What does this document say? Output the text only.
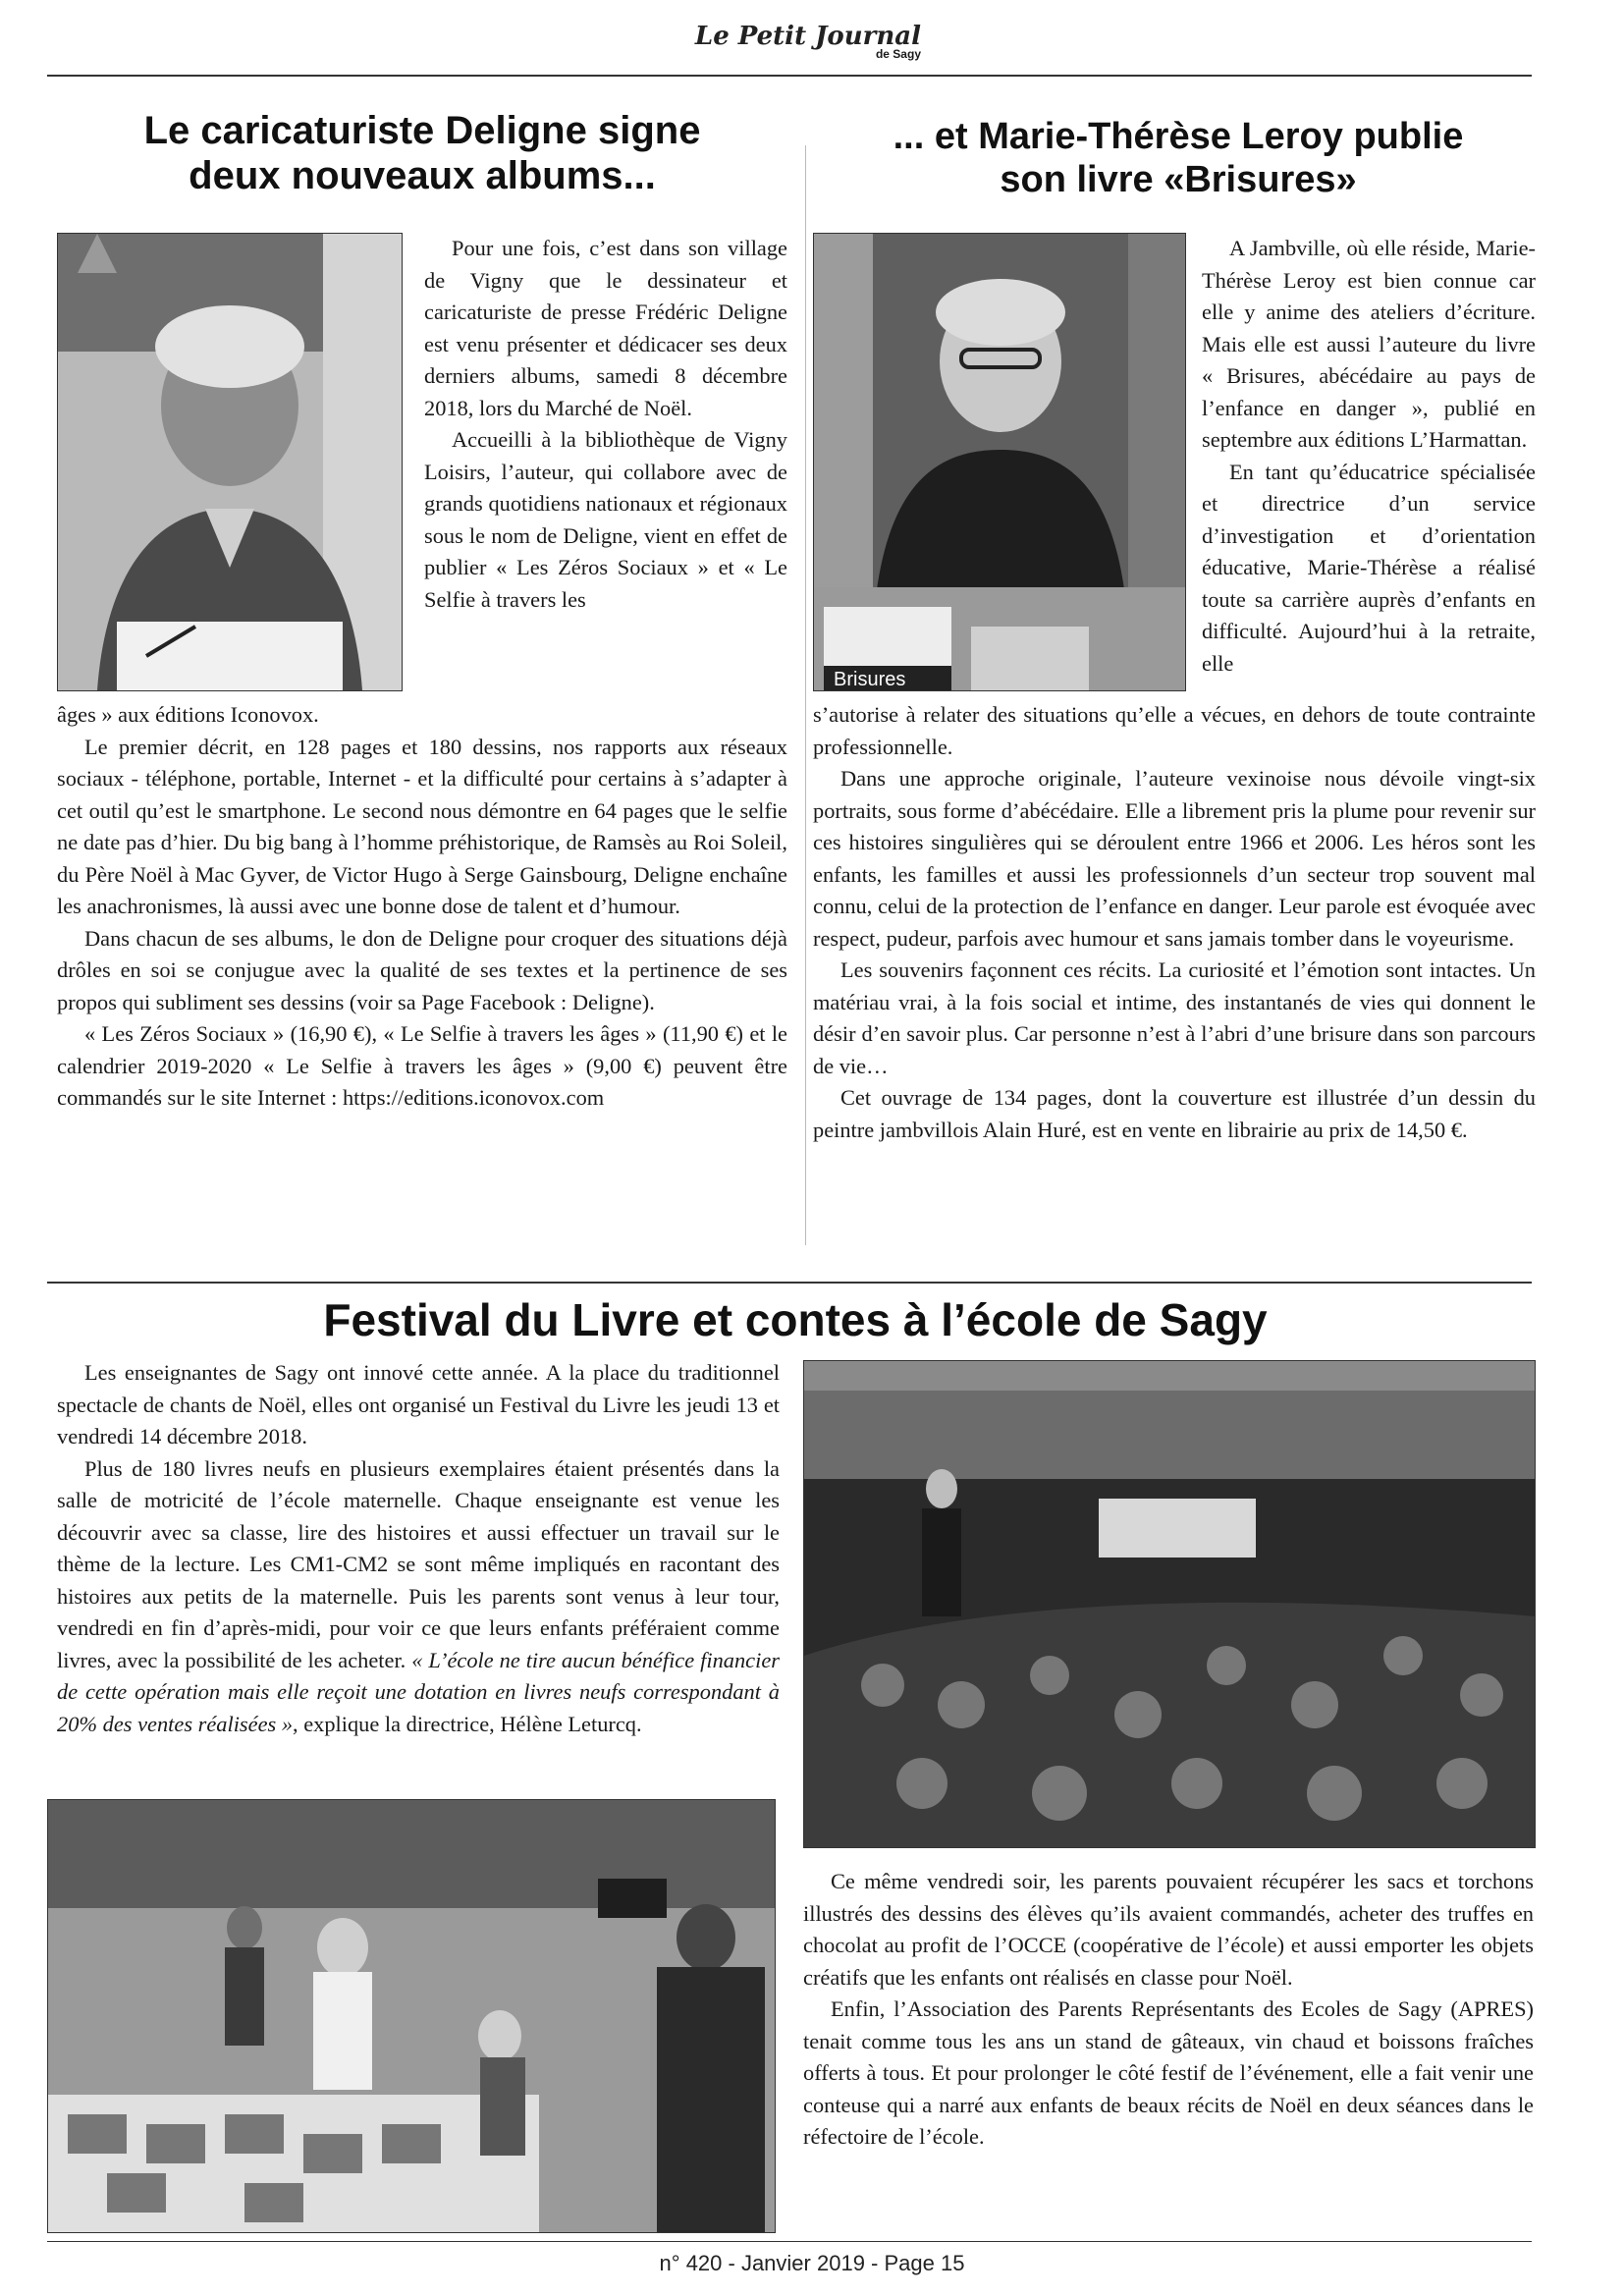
Le Petit Journal
de Sagy
Le caricaturiste Deligne signe
deux nouveaux albums...
... et Marie-Thérèse Leroy publie
son livre «Brisures»

Pour une fois, c’est dans son village de Vigny que le dessinateur et caricaturiste de presse Frédéric Deligne est venu présenter et dédicacer ses deux derniers albums, samedi 8 décembre 2018, lors du Marché de Noël.

Accueilli à la bibliothèque de Vigny Loisirs, l’auteur, qui collabore avec de grands quotidiens nationaux et régionaux sous le nom de Deligne, vient en effet de publier « Les Zéros Sociaux » et « Le Selfie à travers les

âges » aux éditions Iconovox.

Le premier décrit, en 128 pages et 180 dessins, nos rapports aux réseaux sociaux - téléphone, portable, Internet - et la difficulté pour certains à s’adapter à cet outil qu’est le smartphone. Le second nous démontre en 64 pages que le selfie ne date pas d’hier. Du big bang à l’homme préhistorique, de Ramsès au Roi Soleil, du Père Noël à Mac Gyver, de Victor Hugo à Serge Gainsbourg, Deligne enchaîne les anachronismes, là aussi avec une bonne dose de talent et d’humour.

Dans chacun de ses albums, le don de Deligne pour croquer des situations déjà drôles en soi se conjugue avec la qualité de ses textes et la pertinence de ses propos qui subliment ses dessins (voir sa Page Facebook : Deligne).

« Les Zéros Sociaux » (16,90 €), « Le Selfie à travers les âges » (11,90 €) et le calendrier 2019-2020 « Le Selfie à travers les âges » (9,00 €) peuvent être commandés sur le site Internet : https://editions.iconovox.com

Brisures

A Jambville, où elle réside, Marie-Thérèse Leroy est bien connue car elle y anime des ateliers d’écriture. Mais elle est aussi l’auteure du livre « Brisures, abécédaire au pays de l’enfance en danger », publié en septembre aux éditions L’Harmattan.

En tant qu’éducatrice spécialisée et directrice d’un service d’investigation et d’orientation éducative, Marie-Thérèse a réalisé toute sa carrière auprès d’enfants en difficulté. Aujourd’hui à la retraite, elle

s’autorise à relater des situations qu’elle a vécues, en dehors de toute contrainte professionnelle.

Dans une approche originale, l’auteure vexinoise nous dévoile vingt-six portraits, sous forme d’abécédaire. Elle a librement pris la plume pour revenir sur ces histoires singulières qui se déroulent entre 1966 et 2006. Les héros sont les enfants, les familles et aussi les professionnels d’un secteur trop souvent mal connu, celui de la protection de l’enfance en danger. Leur parole est évoquée avec respect, pudeur, parfois avec humour et sans jamais tomber dans le voyeurisme.

Les souvenirs façonnent ces récits. La curiosité et l’émotion sont intactes. Un matériau vrai, à la fois social et intime, des instantanés de vies qui donnent le désir d’en savoir plus. Car personne n’est à l’abri d’une brisure dans son parcours de vie…

Cet ouvrage de 134 pages, dont la couverture est illustrée d’un dessin du peintre jambvillois Alain Huré, est en vente en librairie au prix de 14,50 €.

Festival du Livre et contes à l’école de Sagy

Les enseignantes de Sagy ont innové cette année. A la place du traditionnel spectacle de chants de Noël, elles ont organisé un Festival du Livre les jeudi 13 et vendredi 14 décembre 2018.

Plus de 180 livres neufs en plusieurs exemplaires étaient présentés dans la salle de motricité de l’école maternelle. Chaque enseignante est venue les découvrir avec sa classe, lire des histoires et aussi effectuer un travail sur le thème de la lecture. Les CM1-CM2 se sont même impliqués en racontant des histoires aux petits de la maternelle. Puis les parents sont venus à leur tour, vendredi en fin d’après-midi, pour voir ce que leurs enfants préféraient comme livres, avec la possibilité de les acheter. « L’école ne tire aucun bénéfice financier de cette opération mais elle reçoit une dotation en livres neufs correspondant à 20% des ventes réalisées », explique la directrice, Hélène Leturcq.

Ce même vendredi soir, les parents pouvaient récupérer les sacs et torchons illustrés des dessins des élèves qu’ils avaient commandés, acheter des truffes en chocolat au profit de l’OCCE (coopérative de l’école) et aussi emporter les objets créatifs que les enfants ont réalisés en classe pour Noël.

Enfin, l’Association des Parents Représentants des Ecoles de Sagy (APRES) tenait comme tous les ans un stand de gâteaux, vin chaud et boissons fraîches offerts à tous. Et pour prolonger le côté festif de l’événement, elle a fait venir une conteuse qui a narré aux enfants de beaux récits de Noël en deux séances dans le réfectoire de l’école.

n° 420 - Janvier 2019 - Page 15
